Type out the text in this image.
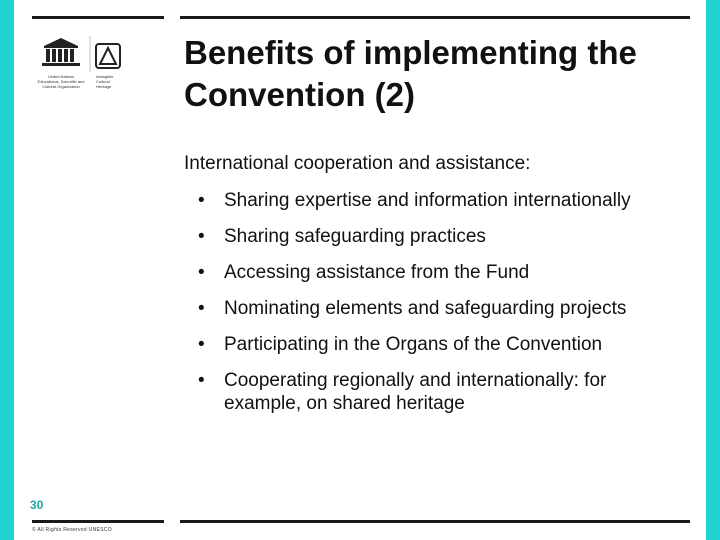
United Nations
Educational, Scientific and
Cultural Organization
Intangible
Cultural
Heritage
Benefits of implementing the
Convention (2)
International cooperation and assistance:
• Sharing expertise and information internationally
• Sharing safeguarding practices
• Accessing assistance from the Fund
• Nominating elements and safeguarding projects
• Participating in the Organs of the Convention
• Cooperating regionally and internationally: for example, on shared heritage
30
© All Rights Reserved UNESCO
